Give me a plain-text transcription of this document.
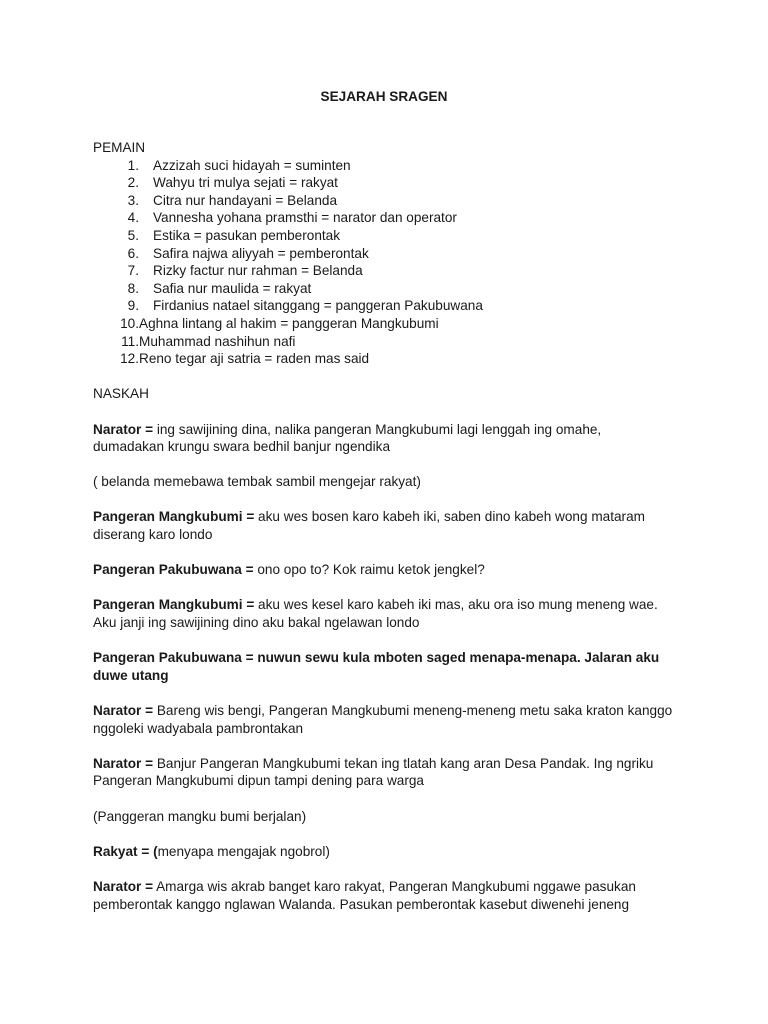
SEJARAH SRAGEN
PEMAIN
1. Azzizah suci hidayah = suminten
2. Wahyu tri mulya sejati = rakyat
3. Citra nur handayani = Belanda
4. Vannesha yohana pramsthi = narator dan operator
5. Estika = pasukan pemberontak
6. Safira najwa aliyyah = pemberontak
7. Rizky factur nur rahman = Belanda
8. Safia nur maulida = rakyat
9. Firdanius natael sitanggang = panggeran Pakubuwana
10. Aghna lintang al hakim = panggeran Mangkubumi
11. Muhammad nashihun nafi
12. Reno tegar aji satria = raden mas said
NASKAH

Narator = ing sawijining dina, nalika pangeran Mangkubumi lagi lenggah ing omahe, dumadakan krungu swara bedhil banjur ngendika

( belanda memebawa tembak sambil mengejar rakyat)

Pangeran Mangkubumi = aku wes bosen karo kabeh iki, saben dino kabeh wong mataram diserang karo londo

Pangeran Pakubuwana = ono opo to? Kok raimu ketok jengkel?

Pangeran Mangkubumi = aku wes kesel karo kabeh iki mas, aku ora iso mung meneng wae. Aku janji ing sawijining dino aku bakal ngelawan londo

Pangeran Pakubuwana = nuwun sewu kula mboten saged menapa-menapa. Jalaran aku duwe utang

Narator = Bareng wis bengi, Pangeran Mangkubumi meneng-meneng metu saka kraton kanggo nggoleki wadyabala pambrontakan

Narator = Banjur Pangeran Mangkubumi tekan ing tlatah kang aran Desa Pandak. Ing ngriku Pangeran Mangkubumi dipun tampi dening para warga

(Panggeran mangku bumi berjalan)

Rakyat = (menyapa mengajak ngobrol)

Narator = Amarga wis akrab banget karo rakyat, Pangeran Mangkubumi nggawe pasukan pemberontak kanggo nglawan Walanda. Pasukan pemberontak kasebut diwenehi jeneng
